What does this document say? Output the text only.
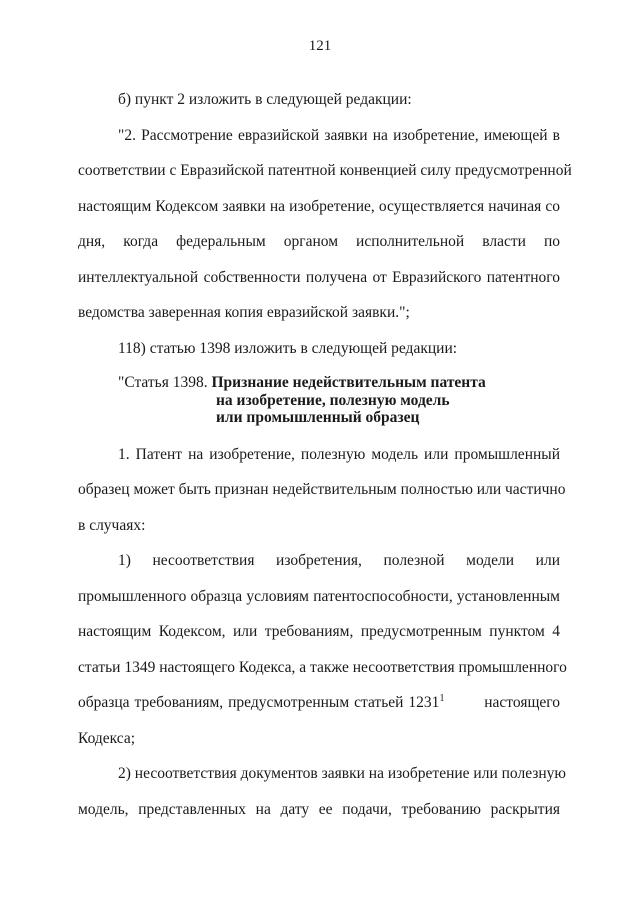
121
б) пункт 2 изложить в следующей редакции:
"2. Рассмотрение евразийской заявки на изобретение, имеющей в
соответствии с Евразийской патентной конвенцией силу предусмотренной
настоящим Кодексом заявки на изобретение, осуществляется начиная со
дня, когда федеральным органом исполнительной власти по
интеллектуальной собственности получена от Евразийского патентного
ведомства заверенная копия евразийской заявки.";
118) статью 1398 изложить в следующей редакции:
"Статья 1398. Признание недействительным патента
на изобретение, полезную модель
или промышленный образец
1. Патент на изобретение, полезную модель или промышленный
образец может быть признан недействительным полностью или частично
в случаях:
1) несоответствия изобретения, полезной модели или
промышленного образца условиям патентоспособности, установленным
настоящим Кодексом, или требованиям, предусмотренным пунктом 4
статьи 1349 настоящего Кодекса, а также несоответствия промышленного
образца требованиям, предусмотренным статьей 1231$^1$	настоящего
Кодекса;
2) несоответствия документов заявки на изобретение или полезную
модель, представленных на дату ее подачи, требованию раскрытия
